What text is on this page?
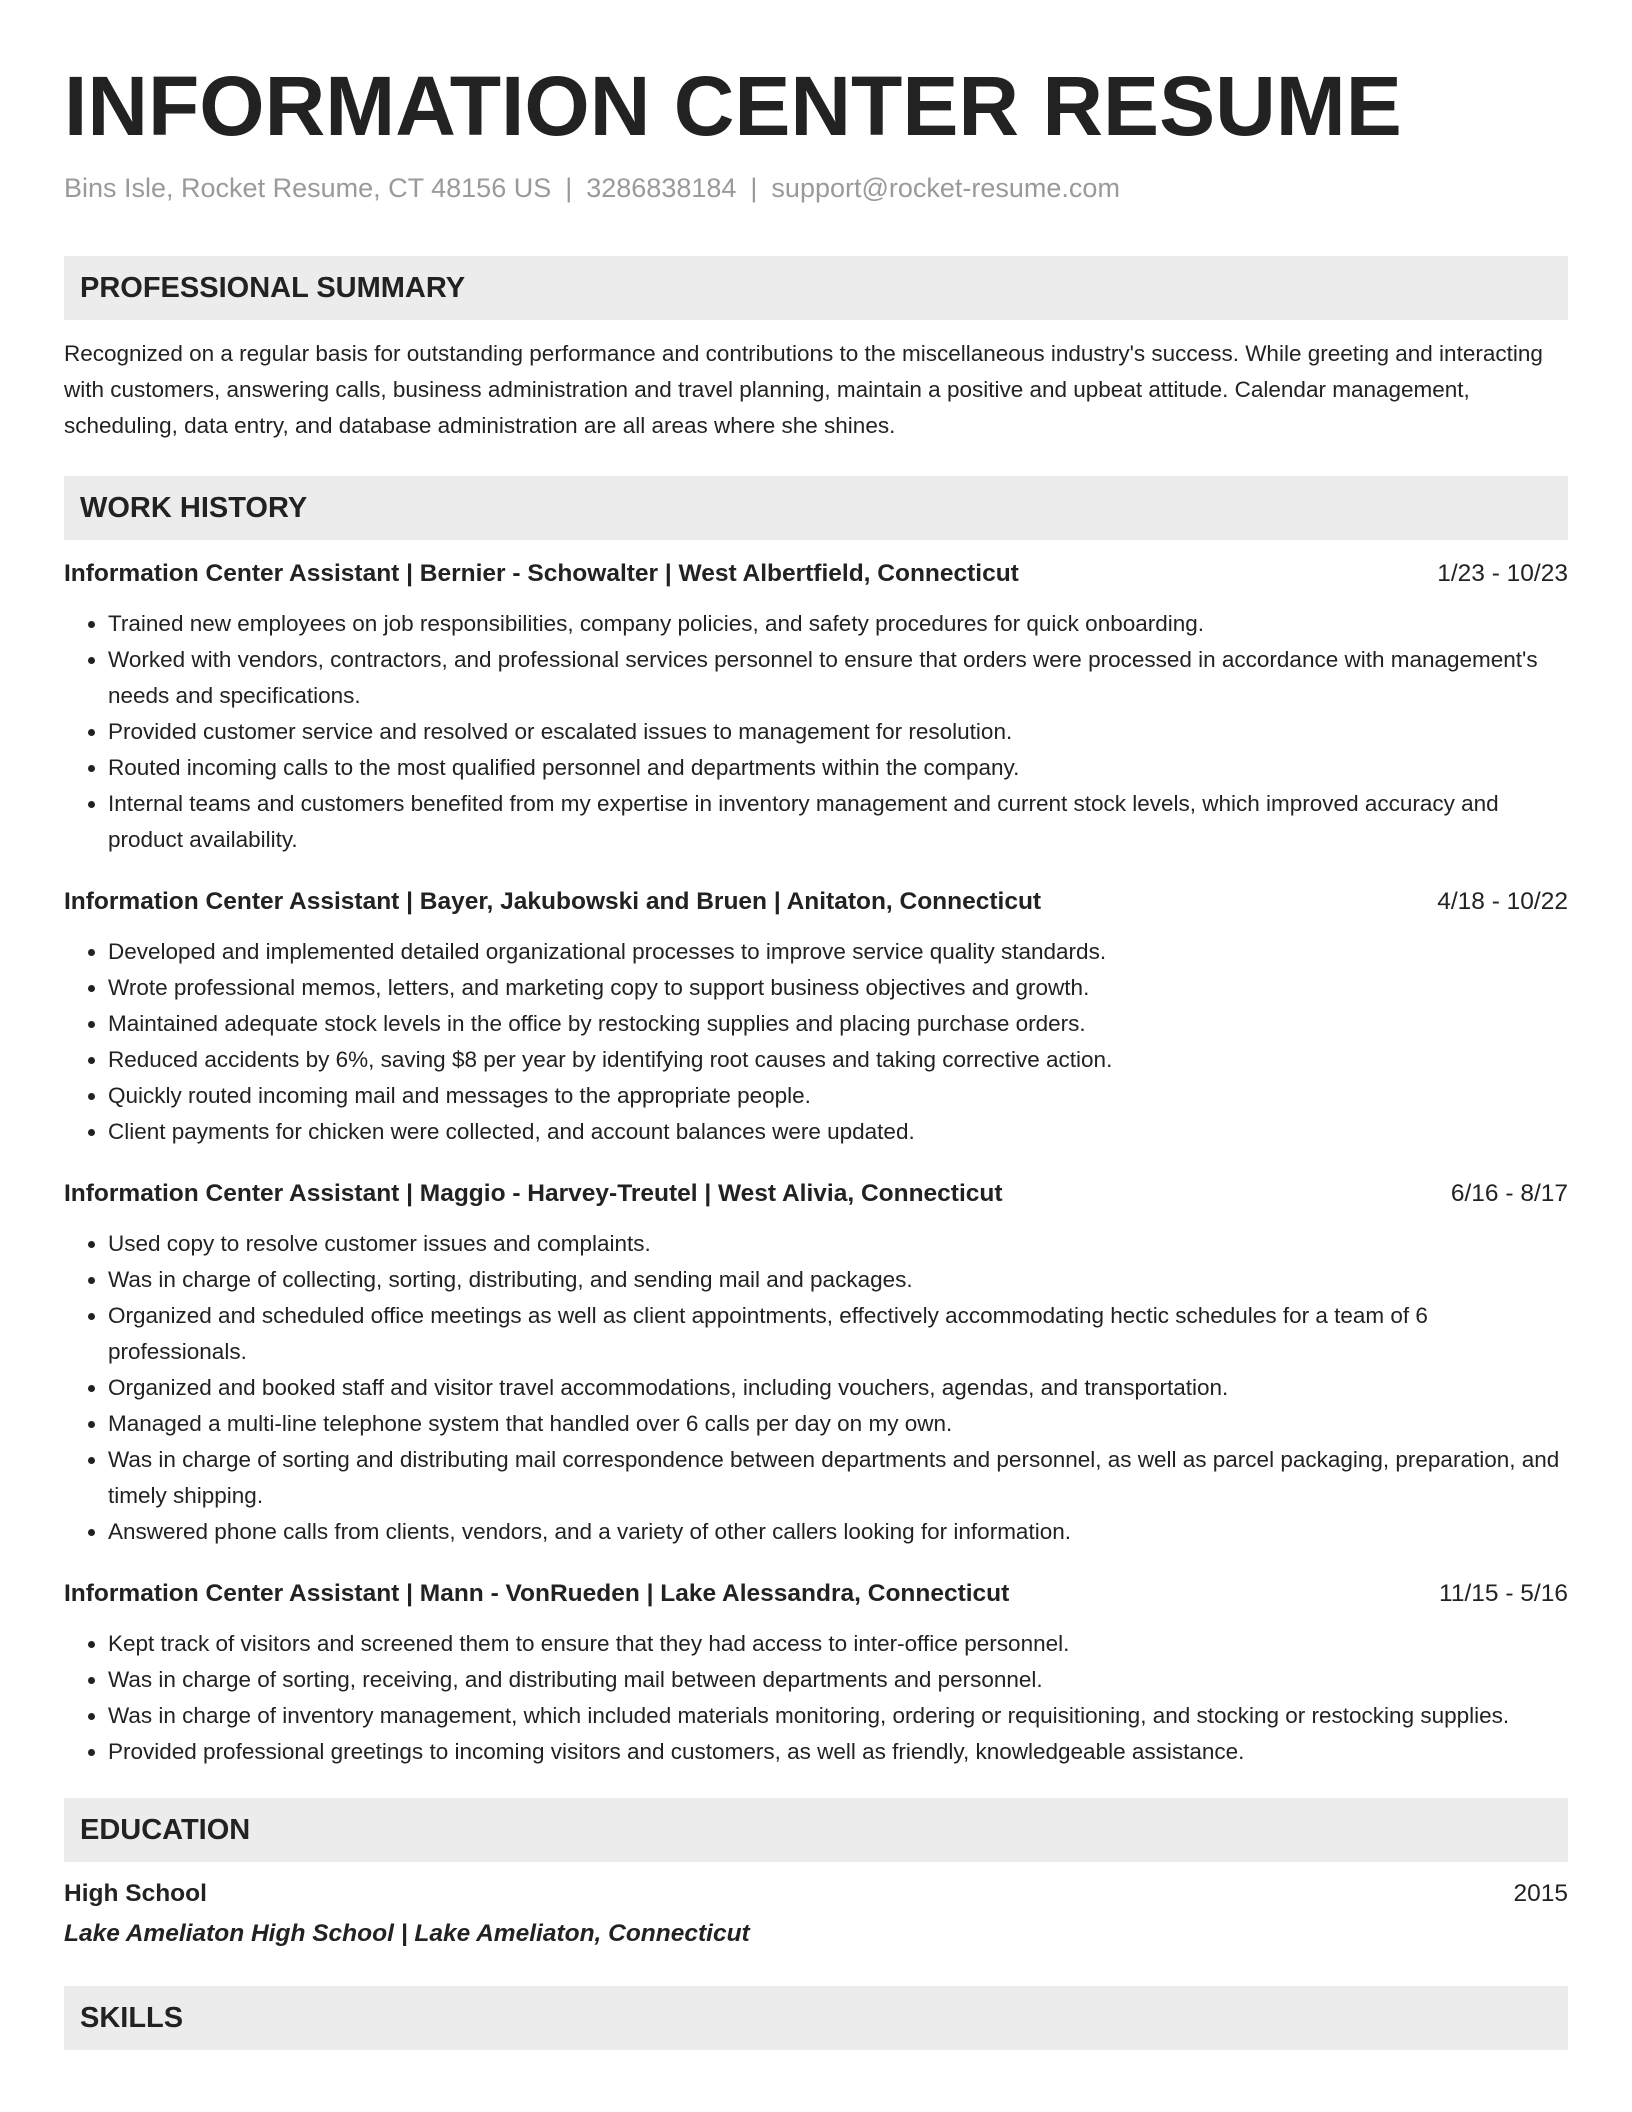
INFORMATION CENTER RESUME
Bins Isle, Rocket Resume, CT 48156 US | 3286838184 | support@rocket-resume.com
PROFESSIONAL SUMMARY
Recognized on a regular basis for outstanding performance and contributions to the miscellaneous industry's success. While greeting and interacting with customers, answering calls, business administration and travel planning, maintain a positive and upbeat attitude. Calendar management, scheduling, data entry, and database administration are all areas where she shines.
WORK HISTORY
Information Center Assistant | Bernier - Schowalter | West Albertfield, Connecticut	1/23 - 10/23
• Trained new employees on job responsibilities, company policies, and safety procedures for quick onboarding.
• Worked with vendors, contractors, and professional services personnel to ensure that orders were processed in accordance with management's needs and specifications.
• Provided customer service and resolved or escalated issues to management for resolution.
• Routed incoming calls to the most qualified personnel and departments within the company.
• Internal teams and customers benefited from my expertise in inventory management and current stock levels, which improved accuracy and product availability.
Information Center Assistant | Bayer, Jakubowski and Bruen | Anitaton, Connecticut	4/18 - 10/22
• Developed and implemented detailed organizational processes to improve service quality standards.
• Wrote professional memos, letters, and marketing copy to support business objectives and growth.
• Maintained adequate stock levels in the office by restocking supplies and placing purchase orders.
• Reduced accidents by 6%, saving $8 per year by identifying root causes and taking corrective action.
• Quickly routed incoming mail and messages to the appropriate people.
• Client payments for chicken were collected, and account balances were updated.
Information Center Assistant | Maggio - Harvey-Treutel | West Alivia, Connecticut	6/16 - 8/17
• Used copy to resolve customer issues and complaints.
• Was in charge of collecting, sorting, distributing, and sending mail and packages.
• Organized and scheduled office meetings as well as client appointments, effectively accommodating hectic schedules for a team of 6 professionals.
• Organized and booked staff and visitor travel accommodations, including vouchers, agendas, and transportation.
• Managed a multi-line telephone system that handled over 6 calls per day on my own.
• Was in charge of sorting and distributing mail correspondence between departments and personnel, as well as parcel packaging, preparation, and timely shipping.
• Answered phone calls from clients, vendors, and a variety of other callers looking for information.
Information Center Assistant | Mann - VonRueden | Lake Alessandra, Connecticut	11/15 - 5/16
• Kept track of visitors and screened them to ensure that they had access to inter-office personnel.
• Was in charge of sorting, receiving, and distributing mail between departments and personnel.
• Was in charge of inventory management, which included materials monitoring, ordering or requisitioning, and stocking or restocking supplies.
• Provided professional greetings to incoming visitors and customers, as well as friendly, knowledgeable assistance.
EDUCATION
High School	2015
Lake Ameliaton High School | Lake Ameliaton, Connecticut
SKILLS
